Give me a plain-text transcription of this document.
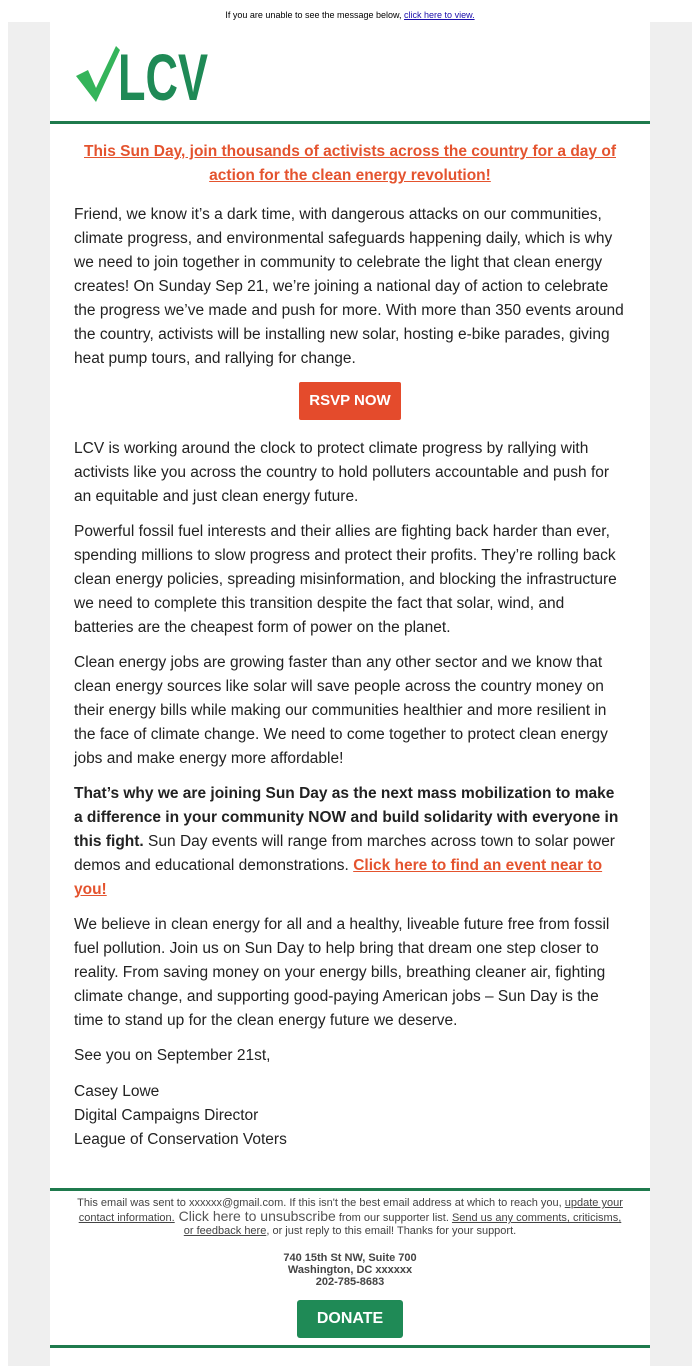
If you are unable to see the message below, click here to view.
LCV
This Sun Day, join thousands of activists across the country for a day of action for the clean energy revolution!

Friend, we know it’s a dark time, with dangerous attacks on our communities, climate progress, and environmental safeguards happening daily, which is why we need to join together in community to celebrate the light that clean energy creates! On Sunday Sep 21, we’re joining a national day of action to celebrate the progress we’ve made and push for more. With more than 350 events around the country, activists will be installing new solar, hosting e-bike parades, giving heat pump tours, and rallying for change.

RSVP NOW

LCV is working around the clock to protect climate progress by rallying with activists like you across the country to hold polluters accountable and push for an equitable and just clean energy future.

Powerful fossil fuel interests and their allies are fighting back harder than ever, spending millions to slow progress and protect their profits. They’re rolling back clean energy policies, spreading misinformation, and blocking the infrastructure we need to complete this transition despite the fact that solar, wind, and batteries are the cheapest form of power on the planet.

Clean energy jobs are growing faster than any other sector and we know that clean energy sources like solar will save people across the country money on their energy bills while making our communities healthier and more resilient in the face of climate change. We need to come together to protect clean energy jobs and make energy more affordable!

That’s why we are joining Sun Day as the next mass mobilization to make a difference in your community NOW and build solidarity with everyone in this fight. Sun Day events will range from marches across town to solar power demos and educational demonstrations. Click here to find an event near to you!

We believe in clean energy for all and a healthy, liveable future free from fossil fuel pollution. Join us on Sun Day to help bring that dream one step closer to reality. From saving money on your energy bills, breathing cleaner air, fighting climate change, and supporting good-paying American jobs – Sun Day is the time to stand up for the clean energy future we deserve.

See you on September 21st,

Casey Lowe

Digital Campaigns Director

League of Conservation Voters

This email was sent to xxxxxx@gmail.com. If this isn't the best email address at which to reach you, update your contact information. Click here to unsubscribe from our supporter list. Send us any comments, criticisms, or feedback here, or just reply to this email! Thanks for your support.
740 15th St NW, Suite 700
Washington, DC xxxxxx
202-785-8683
DONATE
